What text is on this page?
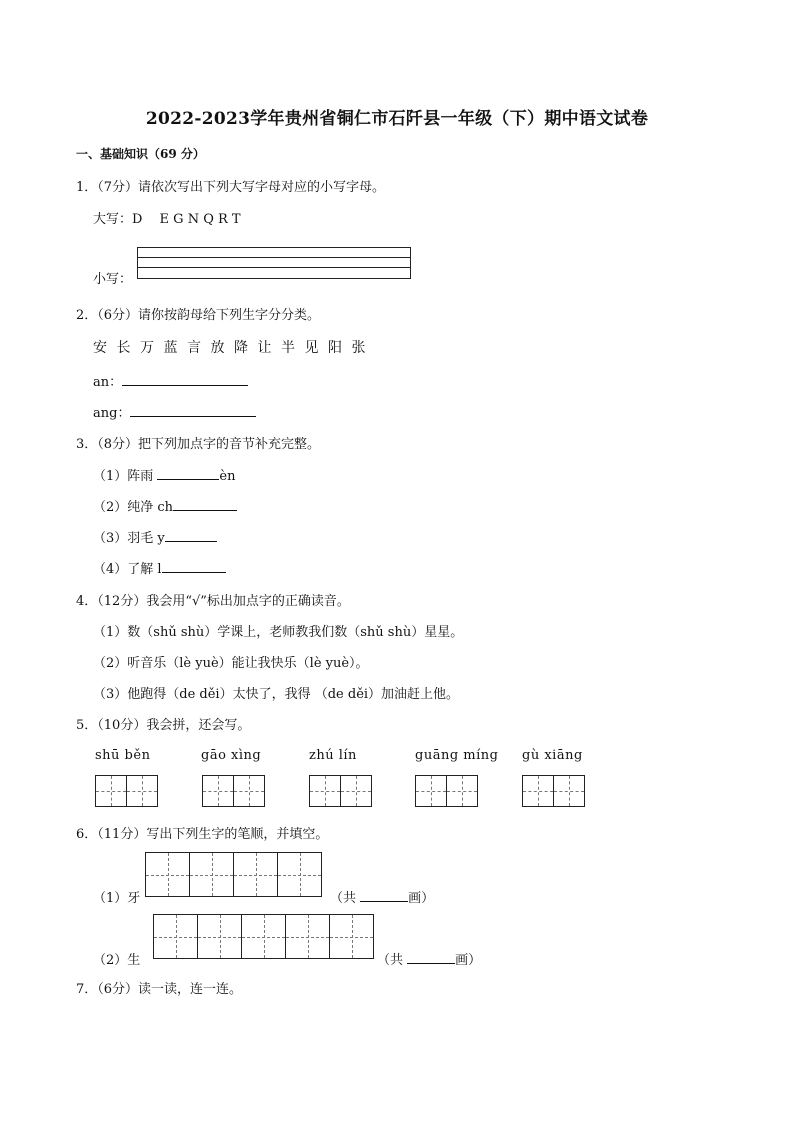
2022-2023学年贵州省铜仁市石阡县一年级（下）期中语文试卷
一、基础知识（69 分）
1．（7分）请依次写出下列大写字母对应的小写字母。
大写：D　 E G N Q R T
小写：
2．（6分）请你按韵母给下列生字分分类。
安 长 万 蓝 言 放 降 让 半 见 阳 张
an：
ang：
3．（8分）把下列加点字的音节补充完整。
（1）阵雨	èn
（2）纯净 ch
（3）羽毛 y
（4）了解 l
4．（12分）我会用“√”标出加点字的正确读音。
（1）数（shǔ shù）学课上，老师教我们数（shǔ shù）星星。
（2）听音乐（lè yuè）能让我快乐（lè yuè）。
（3）他跑得（de děi）太快了，我得 （de děi）加油赶上他。
5．（10分）我会拼，还会写。
shū běn	gāo xìng	zhú lín	guāng míng gù xiāng
6．（11分）写出下列生字的笔顺，并填空。
（1）牙	（共	画）
（2）生	（共	画）
7．（6分）读一读，连一连。
